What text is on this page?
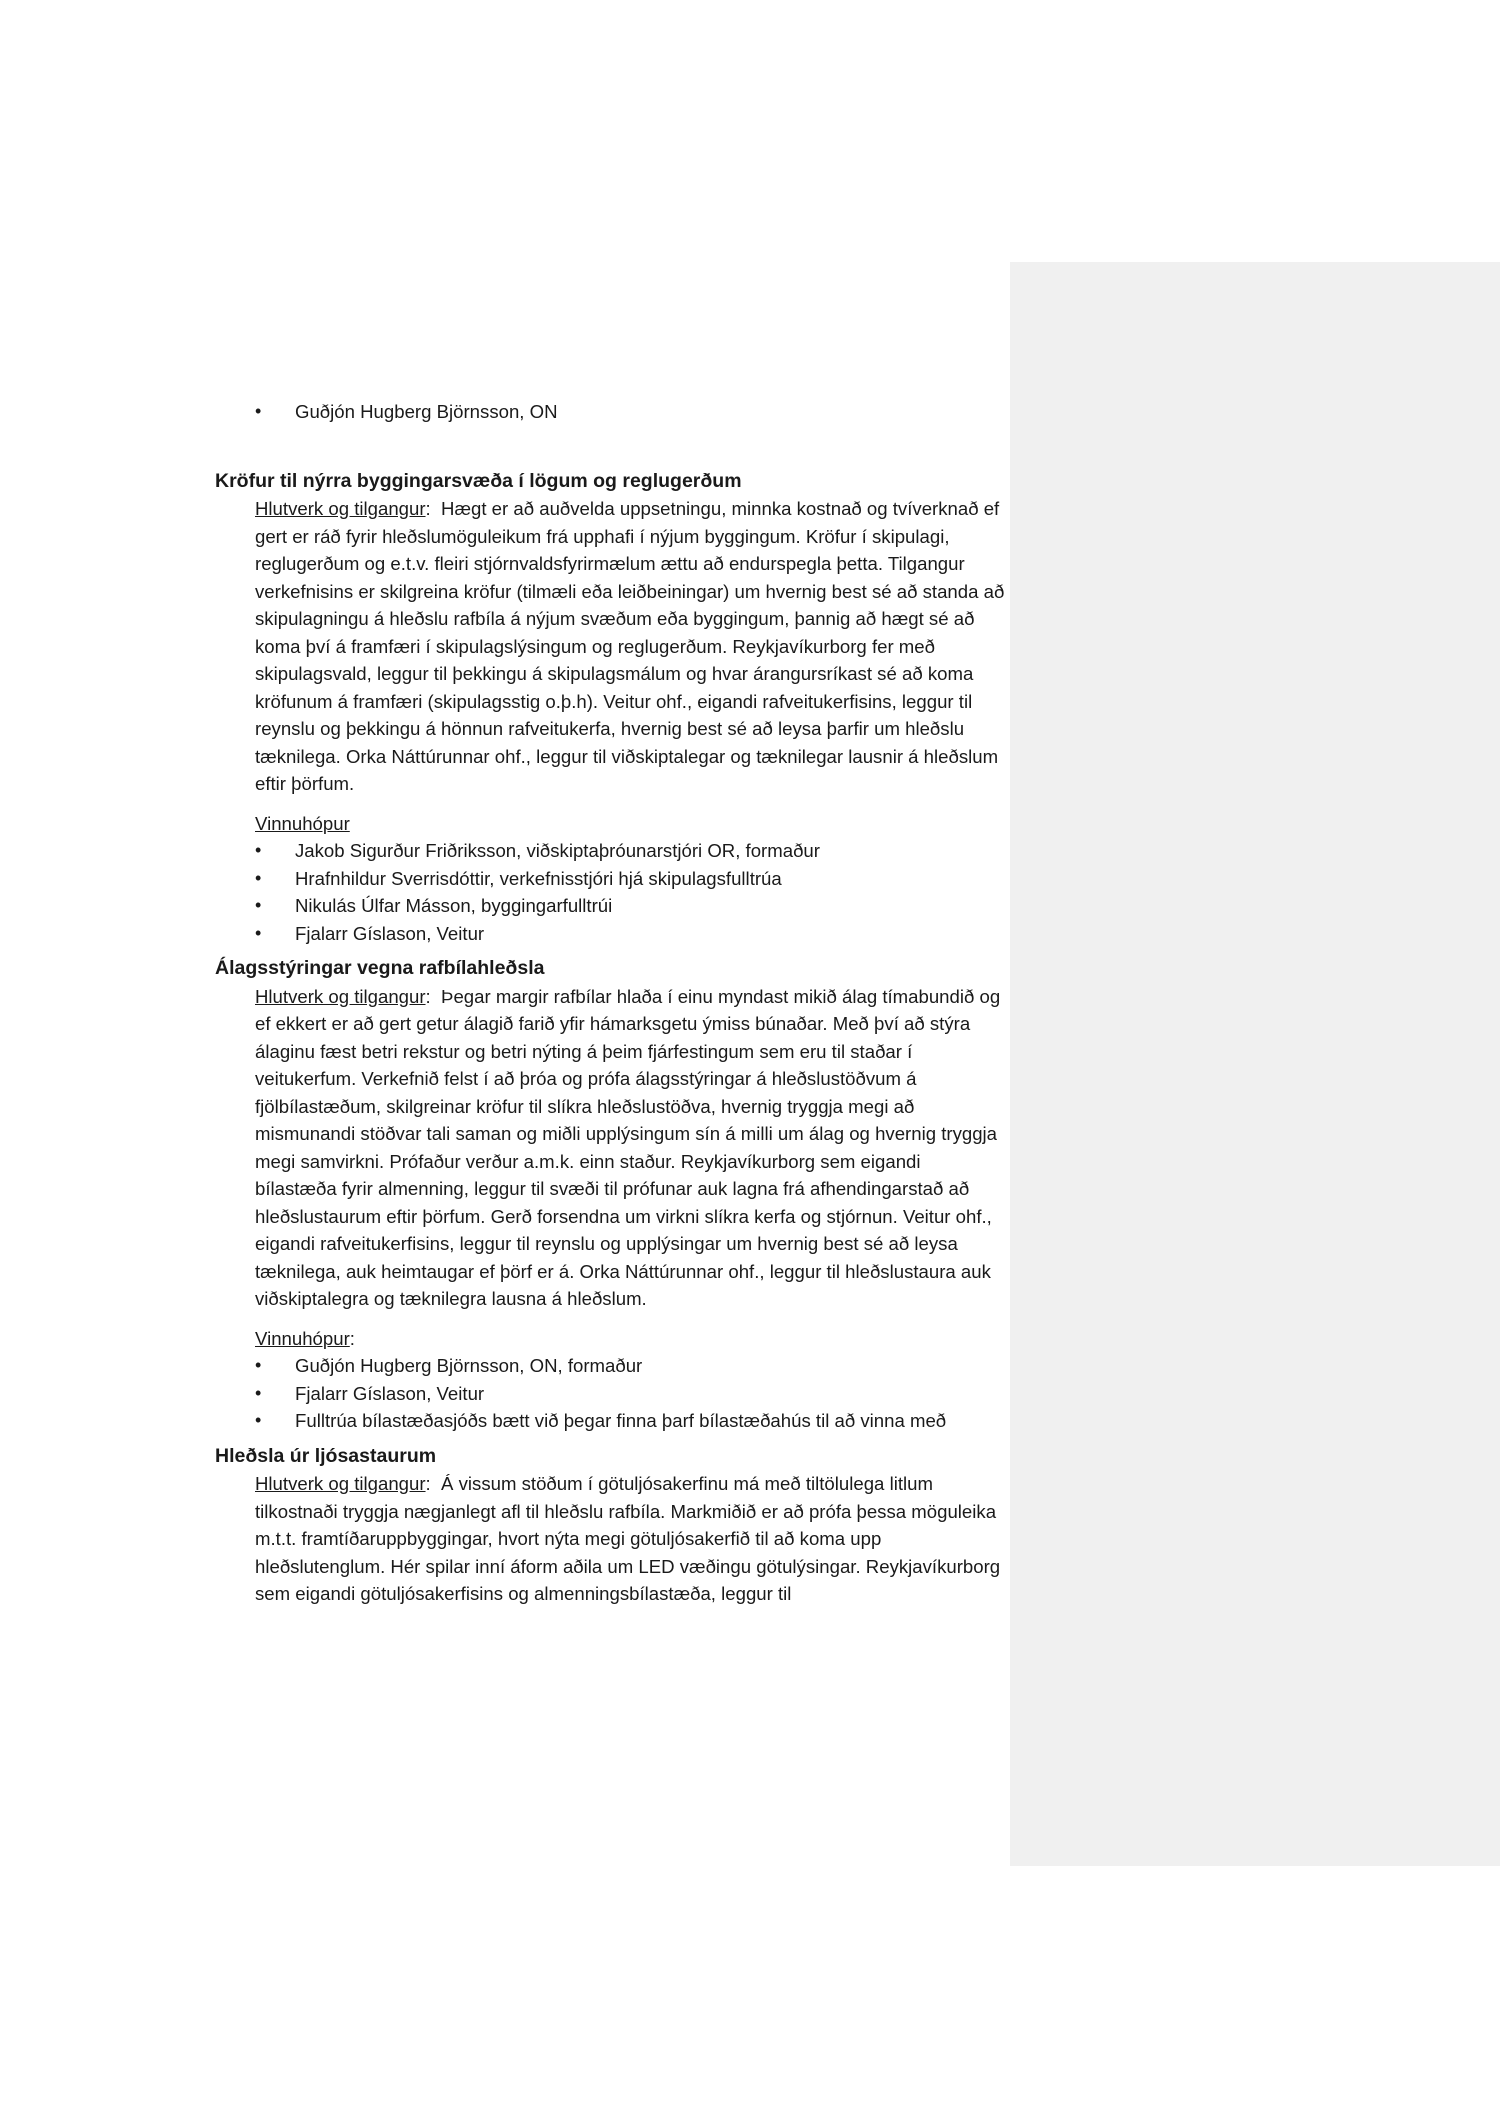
• Guðjón Hugberg Björnsson, ON

Kröfur til nýrra byggingarsvæða í lögum og reglugerðum

Hlutverk og tilgangur: Hægt er að auðvelda uppsetningu, minnka kostnað og tvíverknað ef gert er ráð fyrir hleðslumöguleikum frá upphafi í nýjum byggingum. Kröfur í skipulagi, reglugerðum og e.t.v. fleiri stjórnvaldsfyrirmælum ættu að endurspegla þetta. Tilgangur verkefnisins er skilgreina kröfur (tilmæli eða leiðbeiningar) um hvernig best sé að standa að skipulagningu á hleðslu rafbíla á nýjum svæðum eða byggingum, þannig að hægt sé að koma því á framfæri í skipulagslýsingum og reglugerðum. Reykjavíkurborg fer með skipulagsvald, leggur til þekkingu á skipulagsmálum og hvar árangursríkast sé að koma kröfunum á framfæri (skipulagsstig o.þ.h). Veitur ohf., eigandi rafveitukerfisins, leggur til reynslu og þekkingu á hönnun rafveitukerfa, hvernig best sé að leysa þarfir um hleðslu tæknilega. Orka Náttúrunnar ohf., leggur til viðskiptalegar og tæknilegar lausnir á hleðslum eftir þörfum.

Vinnuhópur

• Jakob Sigurður Friðriksson, viðskiptaþróunarstjóri OR, formaður
• Hrafnhildur Sverrisdóttir, verkefnisstjóri hjá skipulagsfulltrúa
• Nikulás Úlfar Másson, byggingarfulltrúi
• Fjalarr Gíslason, Veitur

Álagsstýringar vegna rafbílahleðsla

Hlutverk og tilgangur: Þegar margir rafbílar hlaða í einu myndast mikið álag tímabundið og ef ekkert er að gert getur álagið farið yfir hámarksgetu ýmiss búnaðar. Með því að stýra álaginu fæst betri rekstur og betri nýting á þeim fjárfestingum sem eru til staðar í veitukerfum. Verkefnið felst í að þróa og prófa álagsstýringar á hleðslustöðvum á fjölbílastæðum, skilgreinar kröfur til slíkra hleðslustöðva, hvernig tryggja megi að mismunandi stöðvar tali saman og miðli upplýsingum sín á milli um álag og hvernig tryggja megi samvirkni. Prófaður verður a.m.k. einn staður. Reykjavíkurborg sem eigandi bílastæða fyrir almenning, leggur til svæði til prófunar auk lagna frá afhendingarstað að hleðslustaurum eftir þörfum. Gerð forsendna um virkni slíkra kerfa og stjórnun. Veitur ohf., eigandi rafveitukerfisins, leggur til reynslu og upplýsingar um hvernig best sé að leysa tæknilega, auk heimtaugar ef þörf er á. Orka Náttúrunnar ohf., leggur til hleðslustaura auk viðskiptalegra og tæknilegra lausna á hleðslum.

Vinnuhópur:

• Guðjón Hugberg Björnsson, ON, formaður
• Fjalarr Gíslason, Veitur
• Fulltrúa bílastæðasjóðs bætt við þegar finna þarf bílastæðahús til að vinna með

Hleðsla úr ljósastaurum

Hlutverk og tilgangur: Á vissum stöðum í götuljósakerfinu má með tiltölulega litlum tilkostnaði tryggja nægjanlegt afl til hleðslu rafbíla. Markmiðið er að prófa þessa möguleika m.t.t. framtíðaruppbyggingar, hvort nýta megi götuljósakerfið til að koma upp hleðslutenglum. Hér spilar inní áform aðila um LED væðingu götulýsingar. Reykjavíkurborg sem eigandi götuljósakerfisins og almenningsbílastæða, leggur til
